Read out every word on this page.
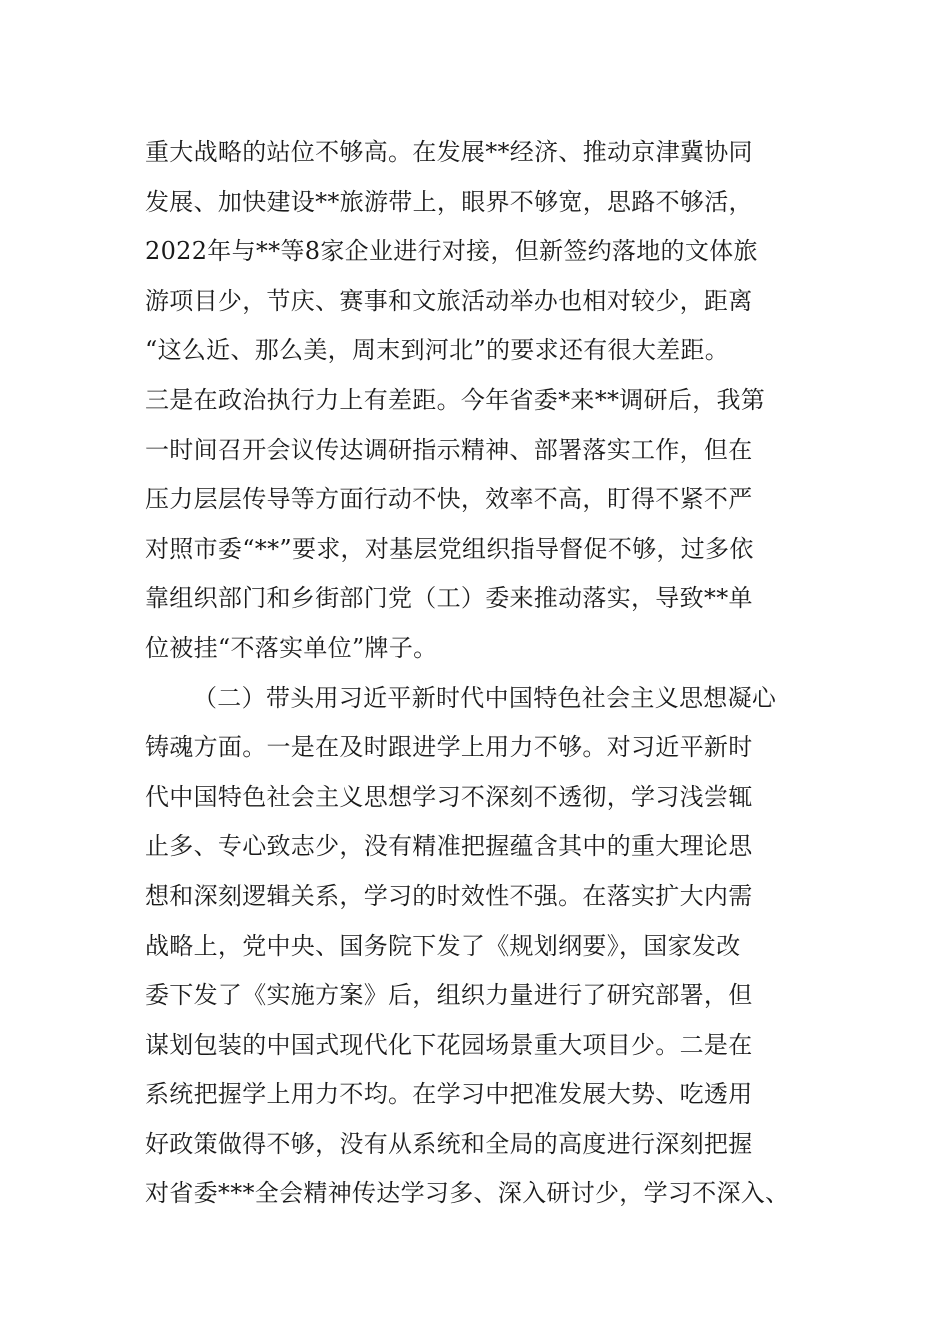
重大战略的站位不够高。在发展**经济、推动京津冀协同
发展、加快建设**旅游带上，眼界不够宽，思路不够活，
2022年与**等8家企业进行对接，但新签约落地的文体旅
游项目少，节庆、赛事和文旅活动举办也相对较少，距离
“这么近、那么美，周末到河北”的要求还有很大差距。
三是在政治执行力上有差距。今年省委*来**调研后，我第
一时间召开会议传达调研指示精神、部署落实工作，但在
压力层层传导等方面行动不快，效率不高，盯得不紧不严
对照市委“**”要求，对基层党组织指导督促不够，过多依
靠组织部门和乡街部门党（工）委来推动落实，导致**单
位被挂“不落实单位”牌子。
（二）带头用习近平新时代中国特色社会主义思想凝心
铸魂方面。一是在及时跟进学上用力不够。对习近平新时
代中国特色社会主义思想学习不深刻不透彻，学习浅尝辄
止多、专心致志少，没有精准把握蕴含其中的重大理论思
想和深刻逻辑关系，学习的时效性不强。在落实扩大内需
战略上，党中央、国务院下发了《规划纲要》，国家发改
委下发了《实施方案》后，组织力量进行了研究部署，但
谋划包装的中国式现代化下花园场景重大项目少。二是在
系统把握学上用力不均。在学习中把准发展大势、吃透用
好政策做得不够，没有从系统和全局的高度进行深刻把握
对省委***全会精神传达学习多、深入研讨少，学习不深入、
